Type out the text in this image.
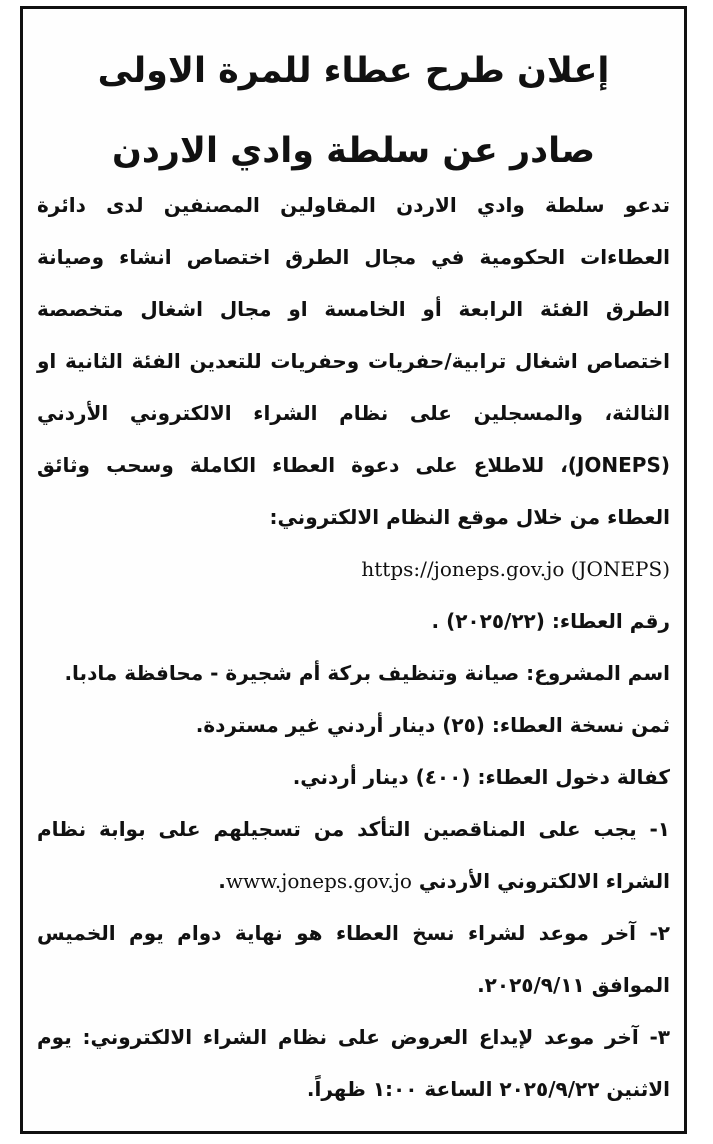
إعلان طرح عطاء للمرة الاولى
صادر عن سلطة وادي الاردن

تدعو سلطة وادي الاردن المقاولين المصنفين لدى دائرة العطاءات الحكومية في مجال الطرق اختصاص انشاء وصيانة الطرق الفئة الرابعة أو الخامسة او مجال اشغال متخصصة اختصاص اشغال ترابية/حفريات وحفريات للتعدين الفئة الثانية او الثالثة، والمسجلين على نظام الشراء الالكتروني الأردني (JONEPS)، للاطلاع على دعوة العطاء الكاملة وسحب وثائق العطاء من خلال موقع النظام الالكتروني:

https://joneps.gov.jo (JONEPS)

رقم العطاء: (٢٠٢٥/٢٢) .

اسم المشروع: صيانة وتنظيف بركة أم شجيرة - محافظة مادبا.

ثمن نسخة العطاء: (٢٥) دينار أردني غير مستردة.

كفالة دخول العطاء: (٤٠٠) دينار أردني.

١- يجب على المناقصين التأكد من تسجيلهم على بوابة نظام الشراء الالكتروني الأردني www.joneps.gov.jo.

٢- آخر موعد لشراء نسخ العطاء هو نهاية دوام يوم الخميس الموافق ٢٠٢٥/٩/١١.

٣- آخر موعد لإيداع العروض على نظام الشراء الالكتروني: يوم الاثنين ٢٠٢٥/٩/٢٢ الساعة ١:٠٠ ظهراً.
